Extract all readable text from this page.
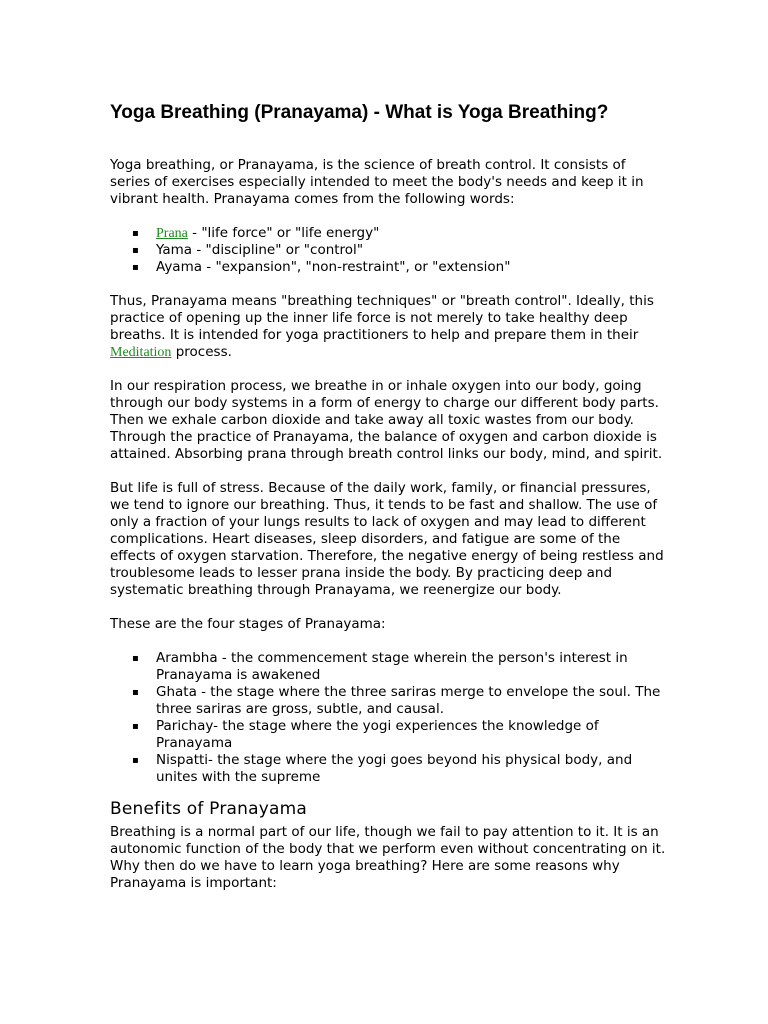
Yoga Breathing (Pranayama) - What is Yoga Breathing?

Yoga breathing, or Pranayama, is the science of breath control. It consists of series of exercises especially intended to meet the body's needs and keep it in vibrant health. Pranayama comes from the following words:

▪ Prana - "life force" or "life energy"
▪ Yama - "discipline" or "control"
▪ Ayama - "expansion", "non-restraint", or "extension"

Thus, Pranayama means "breathing techniques" or "breath control". Ideally, this practice of opening up the inner life force is not merely to take healthy deep breaths. It is intended for yoga practitioners to help and prepare them in their Meditation process.

In our respiration process, we breathe in or inhale oxygen into our body, going through our body systems in a form of energy to charge our different body parts. Then we exhale carbon dioxide and take away all toxic wastes from our body. Through the practice of Pranayama, the balance of oxygen and carbon dioxide is attained. Absorbing prana through breath control links our body, mind, and spirit.

But life is full of stress. Because of the daily work, family, or financial pressures, we tend to ignore our breathing. Thus, it tends to be fast and shallow. The use of only a fraction of your lungs results to lack of oxygen and may lead to different complications. Heart diseases, sleep disorders, and fatigue are some of the effects of oxygen starvation. Therefore, the negative energy of being restless and troublesome leads to lesser prana inside the body. By practicing deep and systematic breathing through Pranayama, we reenergize our body.

These are the four stages of Pranayama:

▪ Arambha - the commencement stage wherein the person's interest in Pranayama is awakened
▪ Ghata - the stage where the three sariras merge to envelope the soul. The three sariras are gross, subtle, and causal.
▪ Parichay- the stage where the yogi experiences the knowledge of Pranayama
▪ Nispatti- the stage where the yogi goes beyond his physical body, and unites with the supreme
Benefits of Pranayama

Breathing is a normal part of our life, though we fail to pay attention to it. It is an autonomic function of the body that we perform even without concentrating on it. Why then do we have to learn yoga breathing? Here are some reasons why Pranayama is important:
